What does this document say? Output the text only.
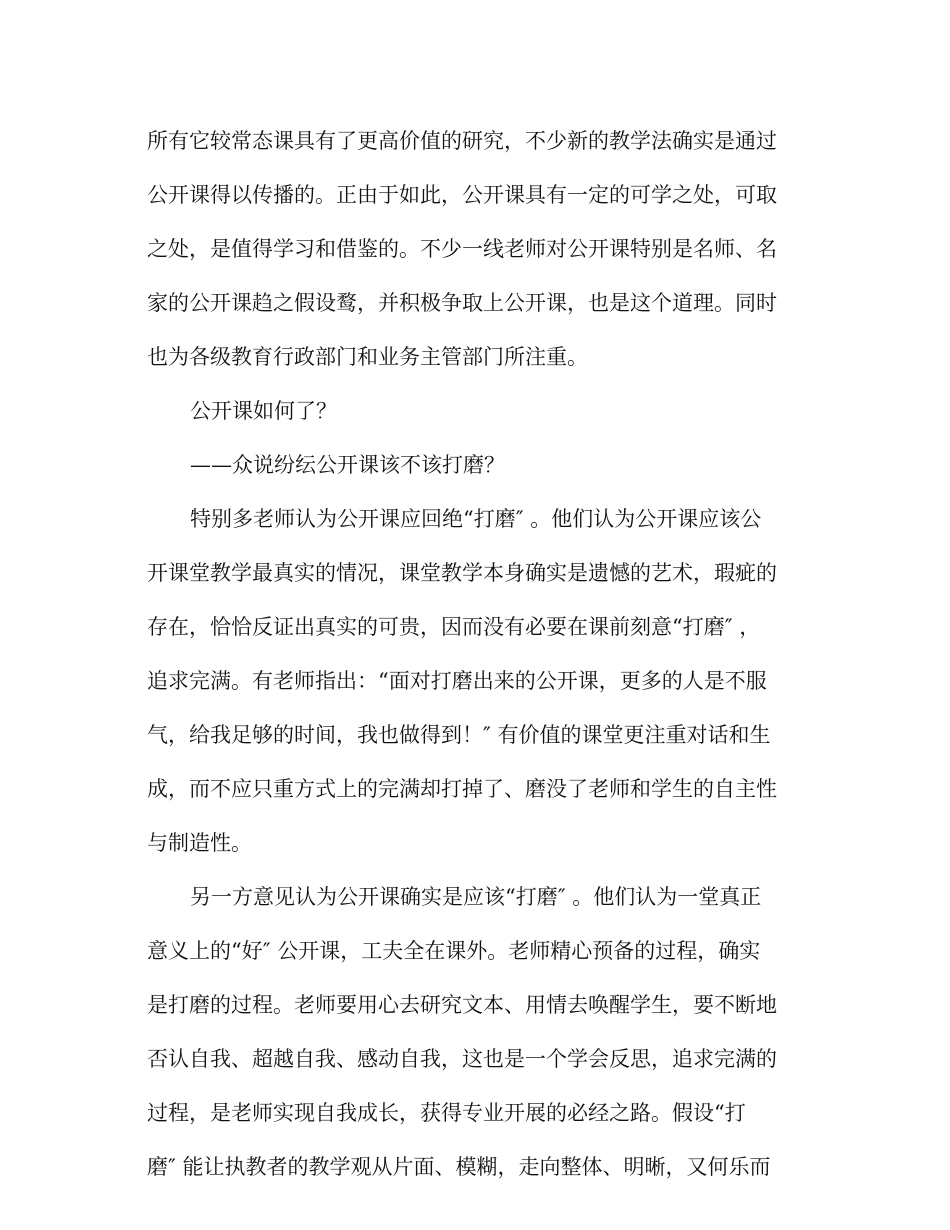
所有它较常态课具有了更高价值的研究，不少新的教学法确实是通过
公开课得以传播的。正由于如此，公开课具有一定的可学之处，可取
之处，是值得学习和借鉴的。不少一线老师对公开课特别是名师、名
家的公开课趋之假设鹜，并积极争取上公开课，也是这个道理。同时
也为各级教育行政部门和业务主管部门所注重。
公开课如何了？
——众说纷纭公开课该不该打磨？
特别多老师认为公开课应回绝“打磨″ 。他们认为公开课应该公
开课堂教学最真实的情况，课堂教学本身确实是遗憾的艺术，瑕疵的
存在，恰恰反证出真实的可贵，因而没有必要在课前刻意“打磨″ ，
追求完满。有老师指出：“面对打磨出来的公开课，更多的人是不服
气，给我足够的时间，我也做得到！″ 有价值的课堂更注重对话和生
成，而不应只重方式上的完满却打掉了、磨没了老师和学生的自主性
与制造性。
另一方意见认为公开课确实是应该“打磨″ 。他们认为一堂真正
意义上的“好″ 公开课，工夫全在课外。老师精心预备的过程，确实
是打磨的过程。老师要用心去研究文本、用情去唤醒学生，要不断地
否认自我、超越自我、感动自我，这也是一个学会反思，追求完满的
过程，是老师实现自我成长，获得专业开展的必经之路。假设“打
磨″ 能让执教者的教学观从片面、模糊，走向整体、明晰，又何乐而
